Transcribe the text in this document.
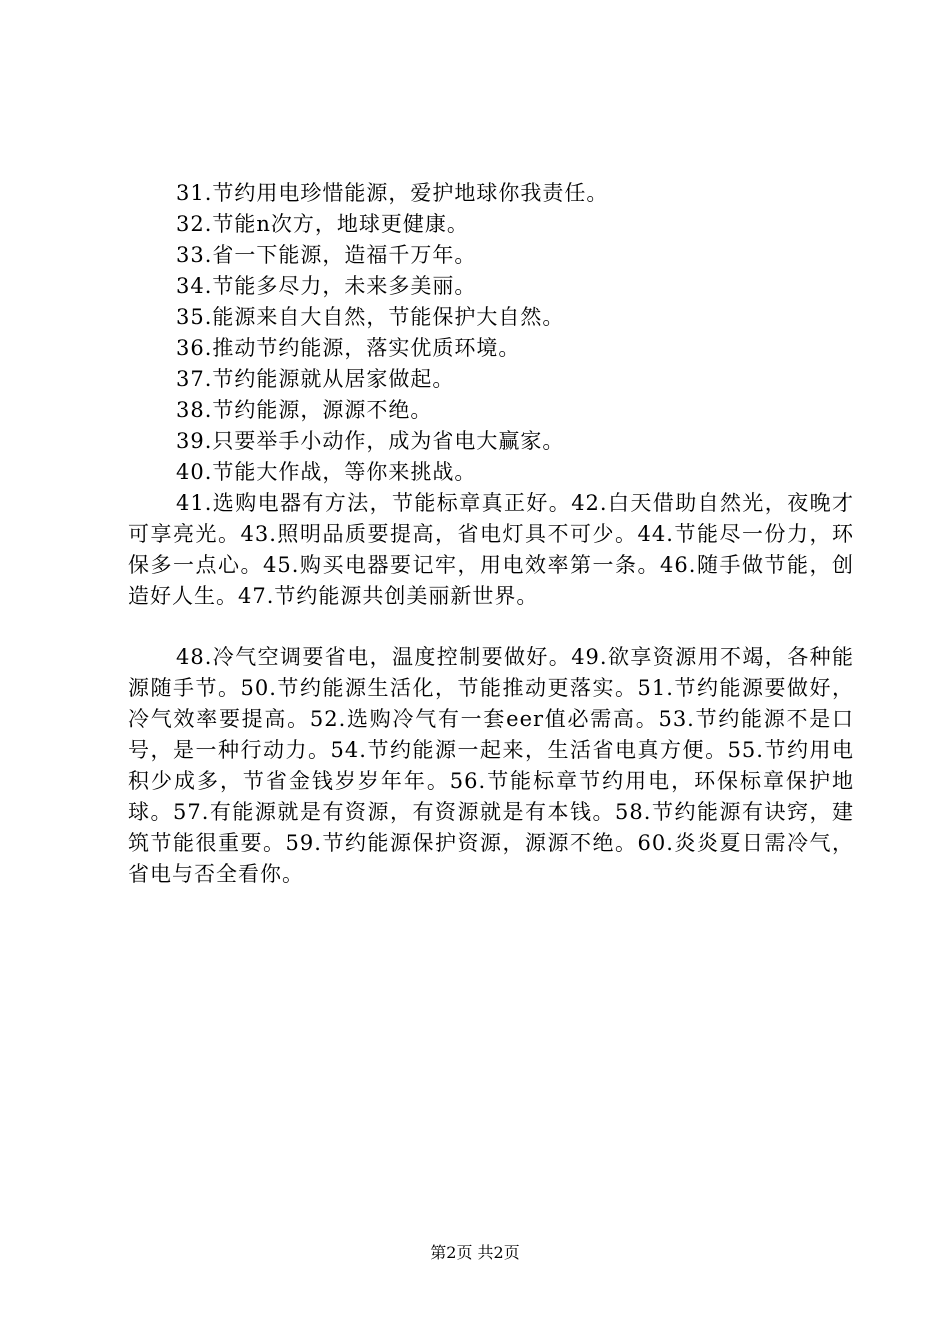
31.节约用电珍惜能源，爱护地球你我责任。
32.节能n次方，地球更健康。
33.省一下能源，造福千万年。
34.节能多尽力，未来多美丽。
35.能源来自大自然，节能保护大自然。
36.推动节约能源，落实优质环境。
37.节约能源就从居家做起。
38.节约能源，源源不绝。
39.只要举手小动作，成为省电大赢家。
40.节能大作战，等你来挑战。

41.选购电器有方法，节能标章真正好。42.白天借助自然光，夜晚才可享亮光。43.照明品质要提高，省电灯具不可少。44.节能尽一份力，环保多一点心。45.购买电器要记牢，用电效率第一条。46.随手做节能，创造好人生。47.节约能源共创美丽新世界。

48.冷气空调要省电，温度控制要做好。49.欲享资源用不竭，各种能源随手节。50.节约能源生活化，节能推动更落实。51.节约能源要做好，冷气效率要提高。52.选购冷气有一套eer值必需高。53.节约能源不是口号，是一种行动力。54.节约能源一起来，生活省电真方便。55.节约用电积少成多，节省金钱岁岁年年。56.节能标章节约用电，环保标章保护地球。57.有能源就是有资源，有资源就是有本钱。58.节约能源有诀窍，建筑节能很重要。59.节约能源保护资源，源源不绝。60.炎炎夏日需冷气，省电与否全看你。

第2页 共2页
